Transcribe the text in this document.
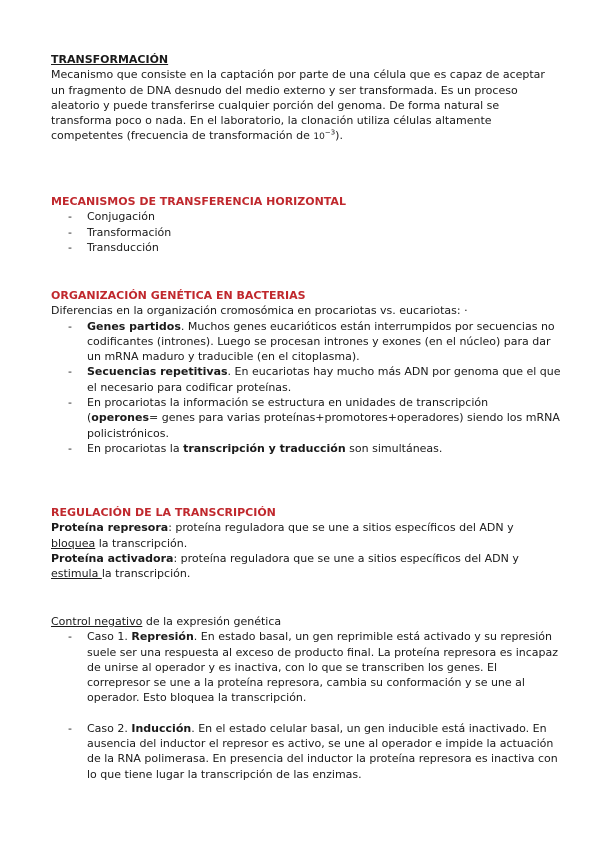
TRANSFORMACIÓN

Mecanismo que consiste en la captación por parte de una célula que es capaz de aceptar un fragmento de DNA desnudo del medio externo y ser transformada. Es un proceso aleatorio y puede transferirse cualquier porción del genoma. De forma natural se transforma poco o nada. En el laboratorio, la clonación utiliza células altamente competentes (frecuencia de transformación de $10^{-3}$).

MECANISMOS DE TRANSFERENCIA HORIZONTAL
- Conjugación
- Transformación
- Transducción
ORGANIZACIÓN GENÉTICA EN BACTERIAS

Diferencias en la organización cromosómica en procariotas vs. eucariotas: ·

- Genes partidos. Muchos genes eucarióticos están interrumpidos por secuencias no codificantes (intrones). Luego se procesan intrones y exones (en el núcleo) para dar un mRNA maduro y traducible (en el citoplasma).
- Secuencias repetitivas. En eucariotas hay mucho más ADN por genoma que el que el necesario para codificar proteínas.
- En procariotas la información se estructura en unidades de transcripción (operones= genes para varias proteínas+promotores+operadores) siendo los mRNA policistrónicos.
- En procariotas la transcripción y traducción son simultáneas.
REGULACIÓN DE LA TRANSCRIPCIÓN

Proteína represora: proteína reguladora que se une a sitios específicos del ADN y bloquea la transcripción.

Proteína activadora: proteína reguladora que se une a sitios específicos del ADN y estimula la transcripción.

Control negativo de la expresión genética

- Caso 1. Represión. En estado basal, un gen reprimible está activado y su represión suele ser una respuesta al exceso de producto final. La proteína represora es incapaz de unirse al operador y es inactiva, con lo que se transcriben los genes. El correpresor se une a la proteína represora, cambia su conformación y se une al operador. Esto bloquea la transcripción.
- Caso 2. Inducción. En el estado celular basal, un gen inducible está inactivado. En ausencia del inductor el represor es activo, se une al operador e impide la actuación de la RNA polimerasa. En presencia del inductor la proteína represora es inactiva con lo que tiene lugar la transcripción de las enzimas.
